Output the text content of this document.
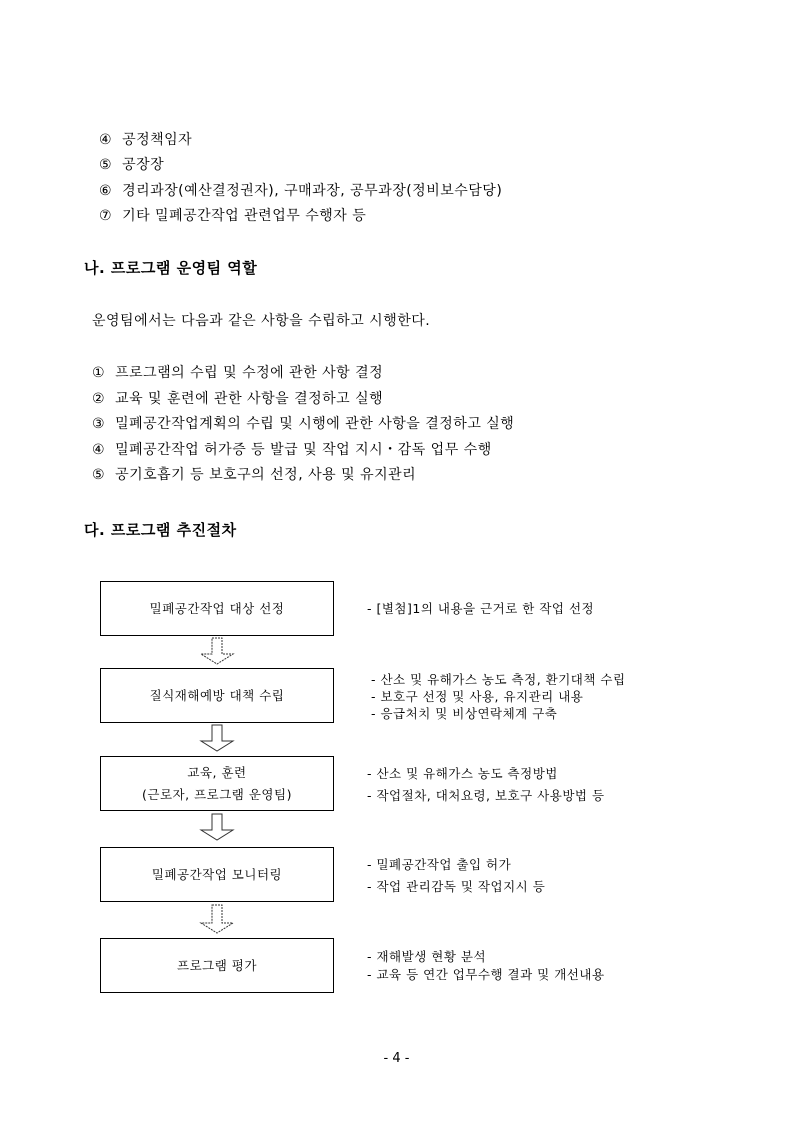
④ 공정책임자
⑤ 공장장
⑥ 경리과장(예산결정권자), 구매과장, 공무과장(정비보수담당)
⑦ 기타 밀폐공간작업 관련업무 수행자 등
나. 프로그램 운영팀 역할
운영팀에서는 다음과 같은 사항을 수립하고 시행한다.
① 프로그램의 수립 및 수정에 관한 사항 결정
② 교육 및 훈련에 관한 사항을 결정하고 실행
③ 밀폐공간작업계획의 수립 및 시행에 관한 사항을 결정하고 실행
④ 밀폐공간작업 허가증 등 발급 및 작업 지시・감독 업무 수행
⑤ 공기호흡기 등 보호구의 선정, 사용 및 유지관리
다. 프로그램 추진절차
밀폐공간작업 대상 선정
질식재해예방 대책 수립
교육, 훈련
(근로자, 프로그램 운영팀)
밀폐공간작업 모니터링
프로그램 평가
- [별첨]1의 내용을 근거로 한 작업 선정
- 산소 및 유해가스 농도 측정, 환기대책 수립
- 보호구 선정 및 사용, 유지관리 내용
- 응급처치 및 비상연락체계 구축
- 산소 및 유해가스 농도 측정방법
- 작업절차, 대처요령, 보호구 사용방법 등
- 밀폐공간작업 출입 허가
- 작업 관리감독 및 작업지시 등
- 재해발생 현황 분석
- 교육 등 연간 업무수행 결과 및 개선내용
- 4 -
